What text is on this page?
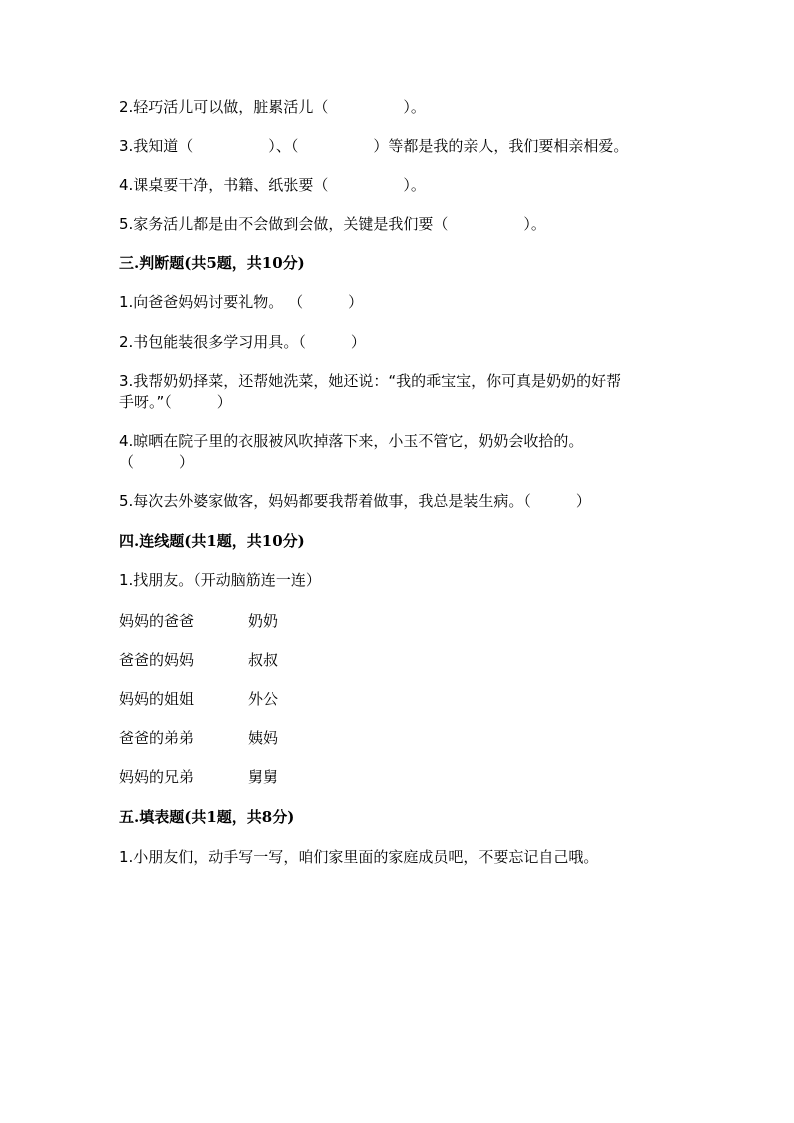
2.轻巧活儿可以做，脏累活儿（　　　　　）。
3.我知道（　　　　　）、（　　　　　）等都是我的亲人，我们要相亲相爱。
4.课桌要干净，书籍、纸张要（　　　　　）。
5.家务活儿都是由不会做到会做，关键是我们要（　　　　　）。
三.判断题(共5题，共10分)
1.向爸爸妈妈讨要礼物。 （　　　）
2.书包能装很多学习用具。（　　　）
3.我帮奶奶择菜，还帮她洗菜，她还说：“我的乖宝宝，你可真是奶奶的好帮
手呀。”（　　　）
4.晾晒在院子里的衣服被风吹掉落下来，小玉不管它，奶奶会收拾的。
（　　　）
5.每次去外婆家做客，妈妈都要我帮着做事，我总是装生病。（　　　）
四.连线题(共1题，共10分)
1.找朋友。（开动脑筋连一连）
妈妈的爸爸	奶奶
爸爸的妈妈	叔叔
妈妈的姐姐	外公
爸爸的弟弟	姨妈
妈妈的兄弟	舅舅
五.填表题(共1题，共8分)
1.小朋友们，动手写一写，咱们家里面的家庭成员吧，不要忘记自己哦。
